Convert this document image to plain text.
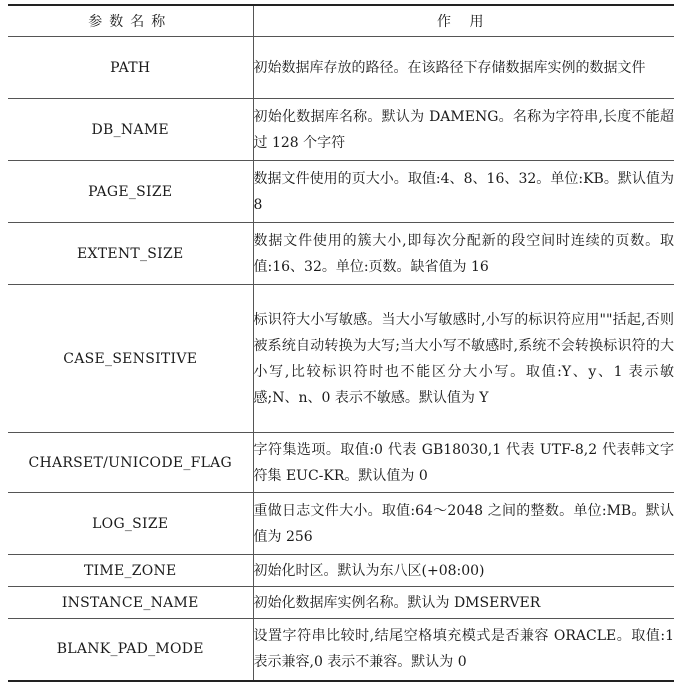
参数名称	作 用
PATH	初始数据库存放的路径。在该路径下存储数据库实例的数据文件
DB_NAME	初始化数据库名称。默认为 DAMENG。名称为字符串,长度不能超过 128 个字符
PAGE_SIZE	数据文件使用的页大小。取值:4、8、16、32。单位:KB。默认值为 8
EXTENT_SIZE	数据文件使用的簇大小,即每次分配新的段空间时连续的页数。取值:16、32。单位:页数。缺省值为 16
CASE_SENSITIVE	标识符大小写敏感。当大小写敏感时,小写的标识符应用""括起,否则被系统自动转换为大写;当大小写不敏感时,系统不会转换标识符的大小写,比较标识符时也不能区分大小写。取值:Y、y、1 表示敏感;N、n、0 表示不敏感。默认值为 Y
CHARSET/UNICODE_FLAG	字符集选项。取值:0 代表 GB18030,1 代表 UTF-8,2 代表韩文字符集 EUC-KR。默认值为 0
LOG_SIZE	重做日志文件大小。取值:64～2048 之间的整数。单位:MB。默认值为 256
TIME_ZONE	初始化时区。默认为东八区(+08:00)
INSTANCE_NAME	初始化数据库实例名称。默认为 DMSERVER
BLANK_PAD_MODE	设置字符串比较时,结尾空格填充模式是否兼容 ORACLE。取值:1 表示兼容,0 表示不兼容。默认为 0
